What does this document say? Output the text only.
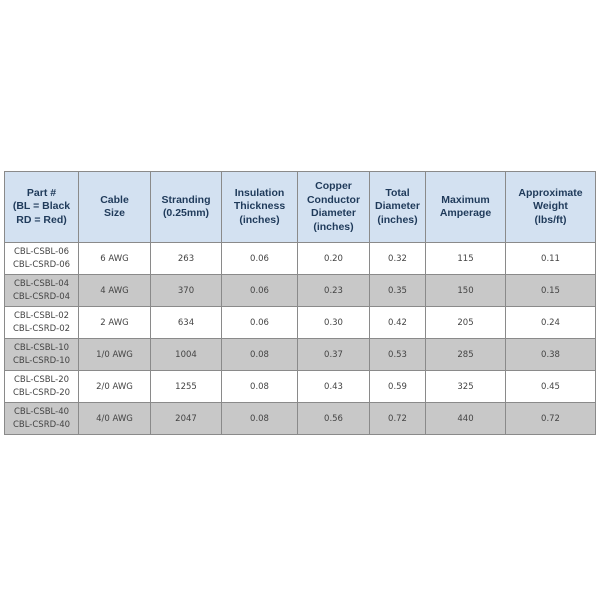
Part #
(BL = Black
RD = Red)	Cable
Size	Stranding
(0.25mm)	Insulation
Thickness
(inches)	Copper
Conductor
Diameter
(inches)	Total
Diameter
(inches)	Maximum
Amperage	Approximate
Weight
(lbs/ft)
CBL-CSBL-06
CBL-CSRD-06	6 AWG	263	0.06	0.20	0.32	115	0.11
CBL-CSBL-04
CBL-CSRD-04	4 AWG	370	0.06	0.23	0.35	150	0.15
CBL-CSBL-02
CBL-CSRD-02	2 AWG	634	0.06	0.30	0.42	205	0.24
CBL-CSBL-10
CBL-CSRD-10	1/0 AWG	1004	0.08	0.37	0.53	285	0.38
CBL-CSBL-20
CBL-CSRD-20	2/0 AWG	1255	0.08	0.43	0.59	325	0.45
CBL-CSBL-40
CBL-CSRD-40	4/0 AWG	2047	0.08	0.56	0.72	440	0.72
